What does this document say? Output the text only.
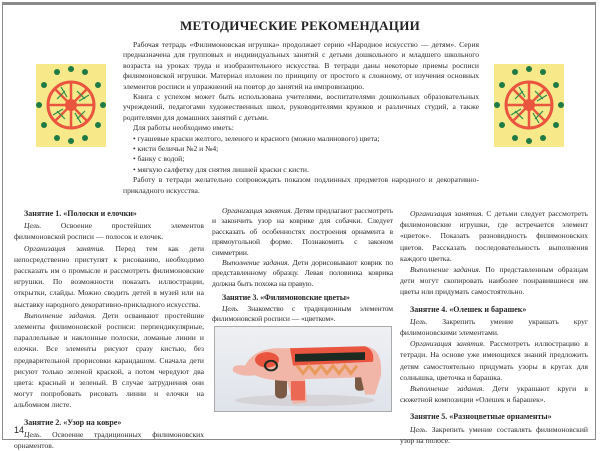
МЕТОДИЧЕСКИЕ РЕКОМЕНДАЦИИ

Рабочая тетрадь «Филимоновская игрушка» продолжает серию «Народное искусство — детям». Серия предназначена для групповых и индивидуальных занятий с детьми дошкольного и младшего школьного возраста на уроках труда и изобразительного искусства. В тетради даны некоторые приемы росписи филимоновской игрушки. Материал изложен по принципу от простого к сложному, от изучения основных элементов росписи и упражнений на повтор до занятий на импровизацию.

Книга с успехом может быть использована учителями, воспитателями дошкольных образовательных учреждений, педагогами художественных школ, руководителями кружков и различных студий, а также родителями для домашних занятий с детьми.

Для работы необходимо иметь:

• гуашевые краски желтого, зеленого и красного (можно малинового) цвета;

• кисти беличьи №2 и №4;

• банку с водой;

• мягкую салфетку для снятия лишней краски с кисти.

Работу в тетради желательно сопровождать показом подлинных предметов народного и декоративно-прикладного искусства.

Занятие 1. «Полоски и елочки»

Цель. Освоение простейших элементов филимоновской росписи — полосок и елочек.

Организация занятия. Перед тем как дети непосредственно приступят к рисованию, необходимо рассказать им о промысле и рассмотреть филимоновские игрушки. По возможности показать иллюстрации, открытки, слайды. Можно сводить детей в музей или на выставку народного декоративно-прикладного искусства.

Выполнение задания. Дети осваивают простейшие элементы филимоновской росписи: перпендикулярные, параллельные и наклонные полоски, ломаные линии и елочки. Все элементы рисуют сразу кистью, без предварительной прорисовки карандашом. Сначала дети рисуют только зеленой краской, а потом чередуют два цвета: красный и зеленый. В случае затруднения они могут попробовать рисовать линии и елочки на альбомном листе.

Занятие 2. «Узор на коврe»

Цель. Освоение традиционных филимоновских орнаментов.

Организация занятия. Детям предлагают рассмотреть и закончить узор на коврике для собачки. Следует рассказать об особенностях построения орнамента в прямоугольной форме. Познакомить с законом симметрии.

Выполнение задания. Дети дорисовывают коврик по представленному образцу. Левая половинка коврика должна быть похожа на правую.

Занятие 3. «Филимоновские цветы»

Цель. Знакомство с традиционным элементом филимоновской росписи — «цветком».

Организация занятия. С детьми следует рассмотреть филимоновские игрушки, где встречается элемент «цветок». Показать разновидность филимоновских цветов. Рассказать последовательность выполнения каждого цветка.

Выполнение задания. По представленным образцам дети могут скопировать наиболее понравившиеся им цветы или придумать самостоятельно.

Занятие 4. «Олешек и барашек»

Цель. Закрепить умение украшать круг филимоновскими элементами.

Организация занятия. Рассмотреть иллюстрацию в тетради. На основе уже имеющихся знаний предложить детям самостоятельно придумать узоры в кругах для солнышка, цветочка и барашка.

Выполнение задания. Дети украшают круги в сюжетной композиции «Олешек и барашек».

Занятие 5. «Разноцветные орнаменты»

Цель. Закрепить умение составлять филимоновский узор на полосе.

14
